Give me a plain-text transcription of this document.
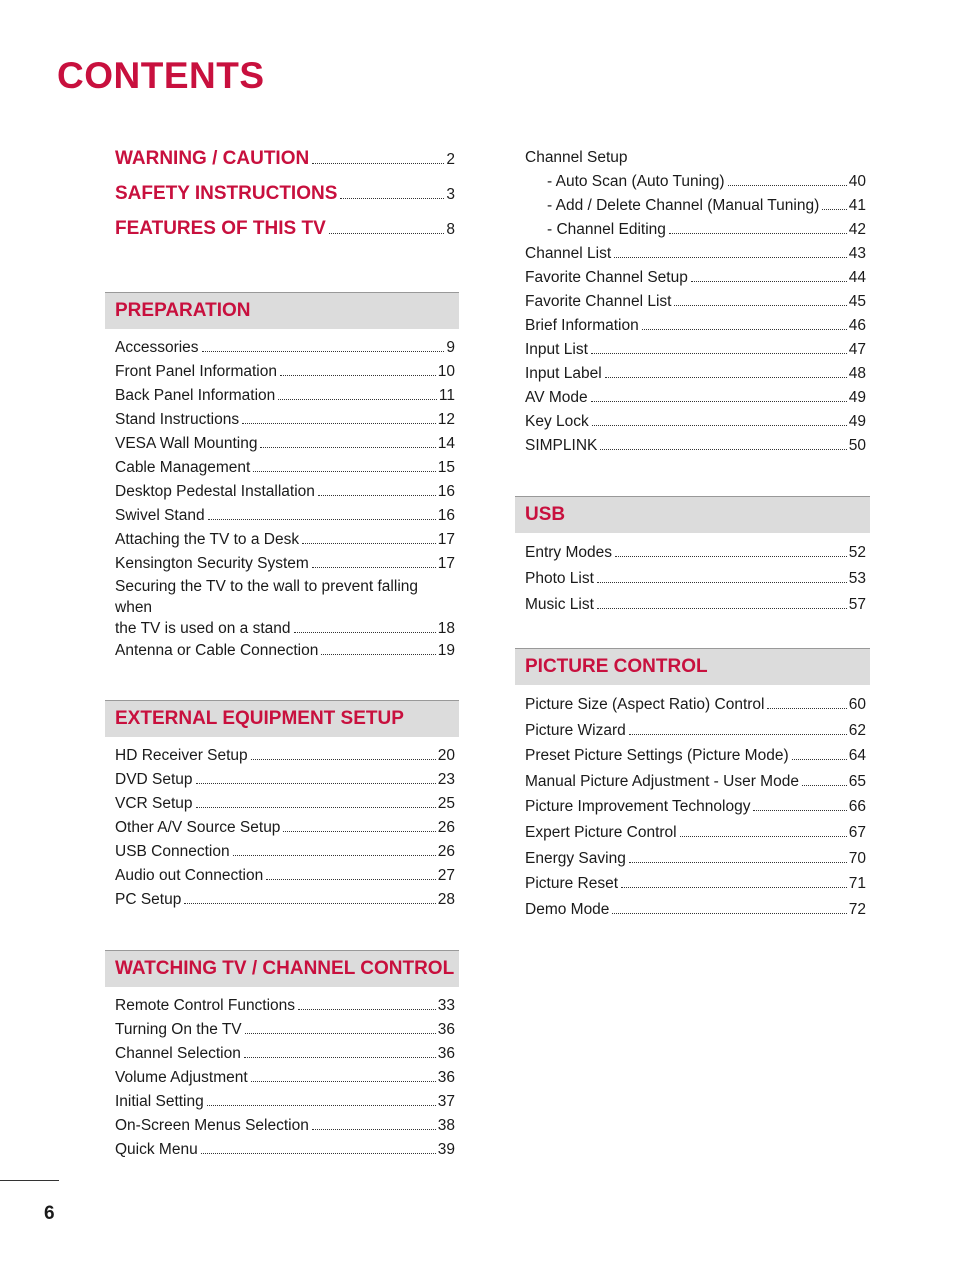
CONTENTS
WARNING / CAUTION	2
SAFETY INSTRUCTIONS	3
FEATURES OF THIS TV	8
PREPARATION
Accessories	9
Front Panel Information	10
Back Panel Information	11
Stand Instructions	12
VESA Wall Mounting	14
Cable Management	15
Desktop Pedestal Installation	16
Swivel Stand	16
Attaching the TV to a Desk	17
Kensington Security System	17
Securing the TV to the wall to prevent falling when
the TV is used on a stand	18
Antenna or Cable Connection	19
EXTERNAL EQUIPMENT SETUP
HD Receiver Setup	20
DVD Setup	23
VCR Setup	25
Other A/V Source Setup	26
USB Connection	26
Audio out Connection	27
PC Setup	28
WATCHING TV / CHANNEL CONTROL
Remote Control Functions	33
Turning On the TV	36
Channel Selection	36
Volume Adjustment	36
Initial Setting	37
On-Screen Menus Selection	38
Quick Menu	39
Channel Setup
- Auto Scan (Auto Tuning)	40
- Add / Delete Channel (Manual Tuning) 41
- Channel Editing	42
Channel List	43
Favorite Channel Setup	44
Favorite Channel List	45
Brief Information	46
Input List	47
Input Label	48
AV Mode	49
Key Lock	49
SIMPLINK	50
USB
Entry Modes	52
Photo List	53
Music List	57
PICTURE CONTROL
Picture Size (Aspect Ratio) Control	60
Picture Wizard	62
Preset Picture Settings (Picture Mode)	64
Manual Picture Adjustment - User Mode	65
Picture Improvement Technology	66
Expert Picture Control	67
Energy Saving	70
Picture Reset	71
Demo Mode	72
6
